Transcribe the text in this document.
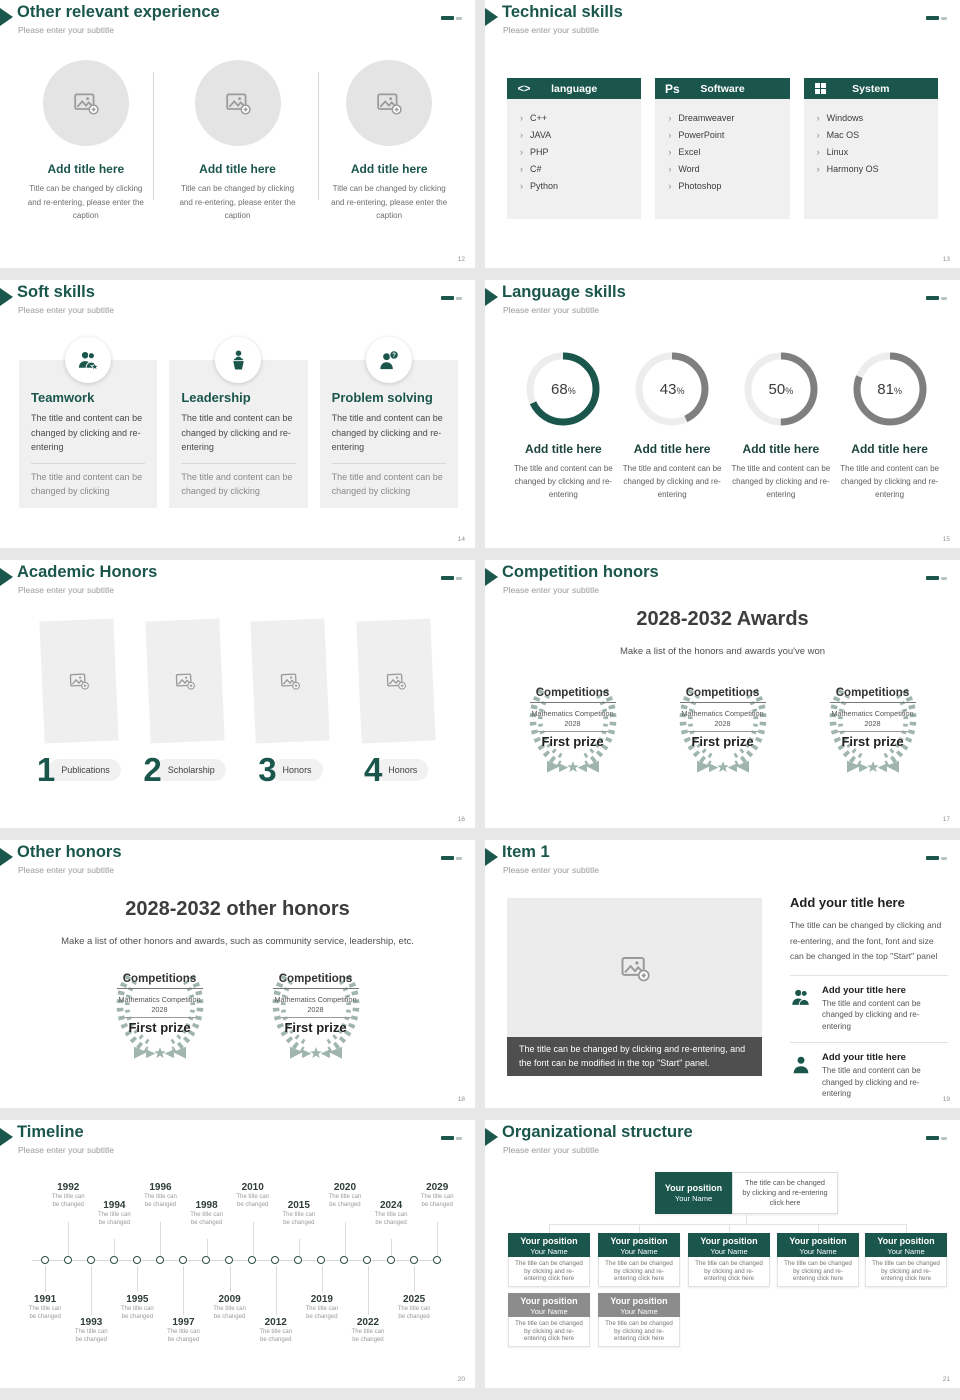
Other relevant experience
Please enter your subtitle
Add title here
Title can be changed by clicking and re-entering, please enter the caption
Add title here
Title can be changed by clicking and re-entering, please enter the caption
Add title here
Title can be changed by clicking and re-entering, please enter the caption
12
Technical skills
Please enter your subtitle
<>	language
› C++
› JAVA
› PHP
› C#
› Python
Ps	Software
› Dreamweaver
› PowerPoint
› Excel
› Word
› Photoshop
System
› Windows
› Mac OS
› Linux
› Harmony OS
13
Soft skills
Please enter your subtitle
Teamwork
The title and content can be changed by clicking and re-entering
The title and content can be changed by clicking
Leadership
The title and content can be changed by clicking and re-entering
The title and content can be changed by clicking
Problem solving
The title and content can be changed by clicking and re-entering
The title and content can be changed by clicking
14
Language skills
Please enter your subtitle
68 %
Add title here
The title and content can be changed by clicking and re-entering
43 %
Add title here
The title and content can be changed by clicking and re-entering
50 %
Add title here
The title and content can be changed by clicking and re-entering
81 %
Add title here
The title and content can be changed by clicking and re-entering
15
Academic Honors
Please enter your subtitle
1 Publications	2 Scholarship	3 Honors	4 Honors
16
Competition honors
Please enter your subtitle
2028-2032 Awards
Make a list of the honors and awards you've won
Competitions
Mathematics Competition
2028
First prize
Competitions
Mathematics Competition
2028
First prize
Competitions
Mathematics Competition
2028
First prize
17
Other honors
Please enter your subtitle
2028-2032 other honors
Make a list of other honors and awards, such as community service, leadership, etc.
Competitions
Mathematics Competition
2028
First prize
Competitions
Mathematics Competition
2028
First prize
18
Item 1
Please enter your subtitle
The title can be changed by clicking and re-entering, and the font can be modified in the top "Start" panel.
Add your title here
The title can be changed by clicking and re-entering, and the font, font and size can be changed in the top "Start" panel
Add your title here
The title and content can be changed by clicking and re-entering
Add your title here
The title and content can be changed by clicking and re-entering
19
Timeline
Please enter your subtitle
1991
The title can
be changed
1992
The title can
be changed
1993
The title can
be changed
1994
The title can
be changed
1995
The title can
be changed
1996
The title can
be changed
1997
The title can
be changed
1998
The title can
be changed
2009
The title can
be changed
2010
The title can
be changed
2012
The title can
be changed
2015
The title can
be changed
2019
The title can
be changed
2020
The title can
be changed
2022
The title can
be changed
2024
The title can
be changed
2025
The title can
be changed
2029
The title can
be changed
20
Organizational structure
Please enter your subtitle
Your position
Your Name
The title can be changed by clicking and re-entering click here
Your position
Your Name
The title can be changed by clicking and re-entering click here
Your position
Your Name
The title can be changed by clicking and re-entering click here
Your position
Your Name
The title can be changed by clicking and re-entering click here
Your position
Your Name
The title can be changed by clicking and re-entering click here
Your position
Your Name
The title can be changed by clicking and re-entering click here
Your position
Your Name
The title can be changed by clicking and re-entering click here
Your position
Your Name
The title can be changed by clicking and re-entering click here
21
